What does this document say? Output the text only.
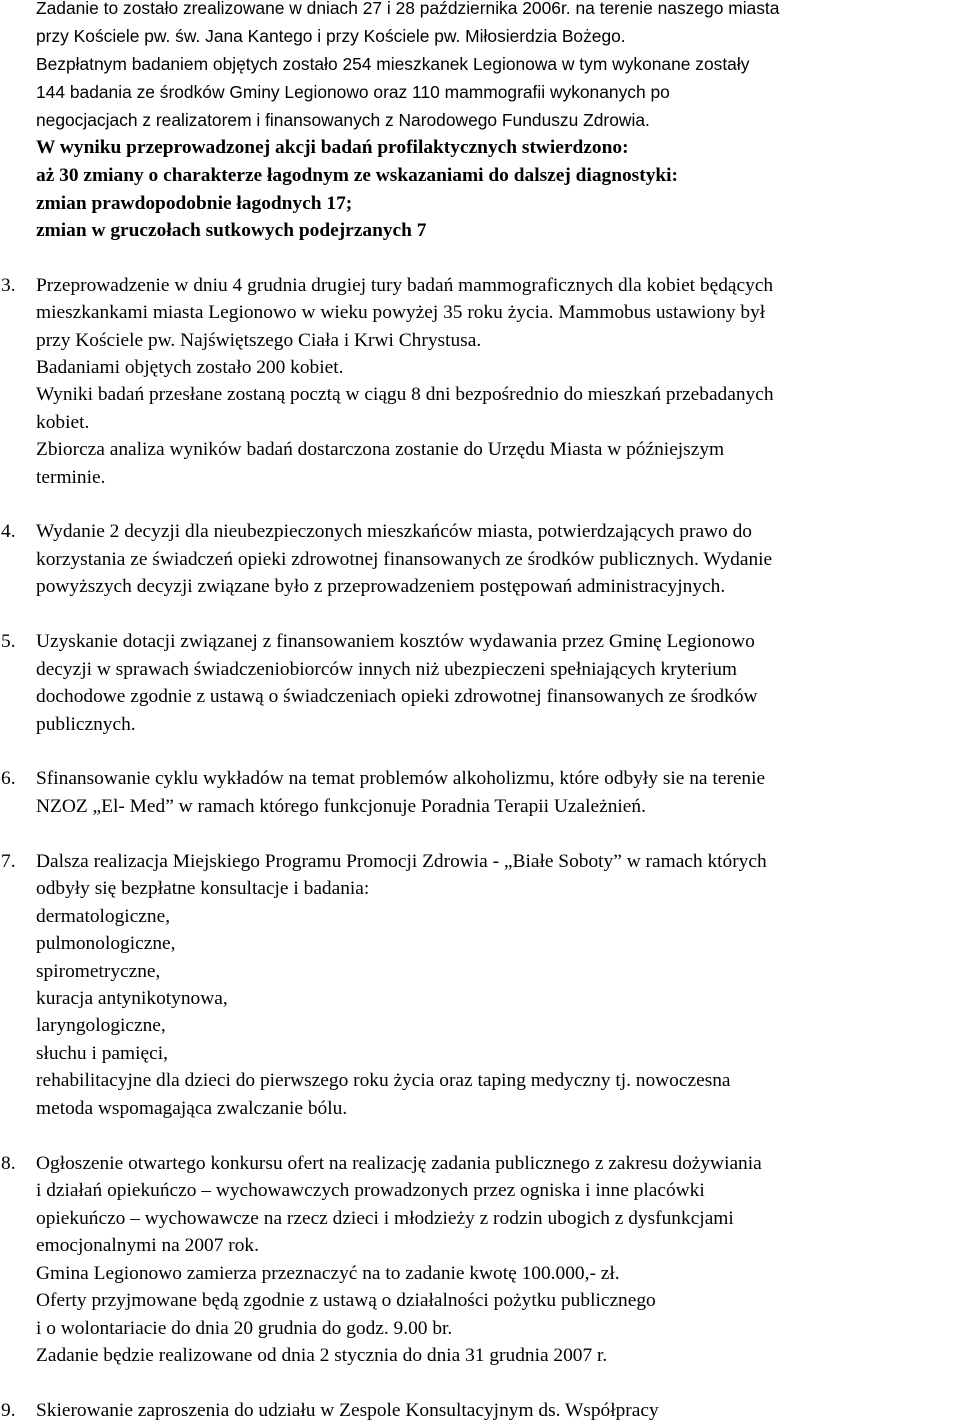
Zadanie to zostało zrealizowane w dniach 27 i 28 października 2006r. na terenie naszego miasta
przy Kościele pw. św. Jana Kantego i przy Kościele pw. Miłosierdzia Bożego.
Bezpłatnym badaniem objętych zostało 254 mieszkanek Legionowa w tym wykonane zostały
144 badania ze środków Gminy Legionowo oraz 110 mammografii wykonanych po
negocjacjach z realizatorem i finansowanych z Narodowego Funduszu Zdrowia.
W wyniku przeprowadzonej akcji badań profilaktycznych stwierdzono:
aż 30 zmiany o charakterze łagodnym ze wskazaniami do dalszej diagnostyki:
zmian prawdopodobnie łagodnych 17;
zmian w gruczołach sutkowych podejrzanych 7
3. Przeprowadzenie w dniu 4 grudnia drugiej tury badań mammograficznych dla kobiet będących
mieszkankami miasta Legionowo w wieku powyżej 35 roku życia. Mammobus ustawiony był
przy Kościele pw. Najświętszego Ciała i Krwi Chrystusa.
Badaniami objętych zostało 200 kobiet.
Wyniki badań przesłane zostaną pocztą w ciągu 8 dni bezpośrednio do mieszkań przebadanych
kobiet.
Zbiorcza analiza wyników badań dostarczona zostanie do Urzędu Miasta w późniejszym
terminie.
4. Wydanie 2 decyzji dla nieubezpieczonych mieszkańców miasta, potwierdzających prawo do
korzystania ze świadczeń opieki zdrowotnej finansowanych ze środków publicznych. Wydanie
powyższych decyzji związane było z przeprowadzeniem postępowań administracyjnych.
5. Uzyskanie dotacji związanej z finansowaniem kosztów wydawania przez Gminę Legionowo
decyzji w sprawach świadczeniobiorców innych niż ubezpieczeni spełniających kryterium
dochodowe zgodnie z ustawą o świadczeniach opieki zdrowotnej finansowanych ze środków
publicznych.
6. Sfinansowanie cyklu wykładów na temat problemów alkoholizmu, które odbyły sie na terenie
NZOZ „El- Med” w ramach którego funkcjonuje Poradnia Terapii Uzależnień.
7. Dalsza realizacja Miejskiego Programu Promocji Zdrowia - „Białe Soboty” w ramach których
odbyły się bezpłatne konsultacje i badania:
dermatologiczne,
pulmonologiczne,
spirometryczne,
kuracja antynikotynowa,
laryngologiczne,
słuchu i pamięci,
rehabilitacyjne dla dzieci do pierwszego roku życia oraz taping medyczny tj. nowoczesna
metoda wspomagająca zwalczanie bólu.
8. Ogłoszenie otwartego konkursu ofert na realizację zadania publicznego z zakresu dożywiania
i działań opiekuńczo – wychowawczych prowadzonych przez ogniska i inne placówki
opiekuńczo – wychowawcze na rzecz dzieci i młodzieży z rodzin ubogich z dysfunkcjami
emocjonalnymi na 2007 rok.
Gmina Legionowo zamierza przeznaczyć na to zadanie kwotę 100.000,- zł.
Oferty przyjmowane będą zgodnie z ustawą o działalności pożytku publicznego
i o wolontariacie do dnia 20 grudnia do godz. 9.00 br.
Zadanie będzie realizowane od dnia 2 stycznia do dnia 31 grudnia 2007 r.
9. Skierowanie zaproszenia do udziału w Zespole Konsultacyjnym ds. Współpracy
